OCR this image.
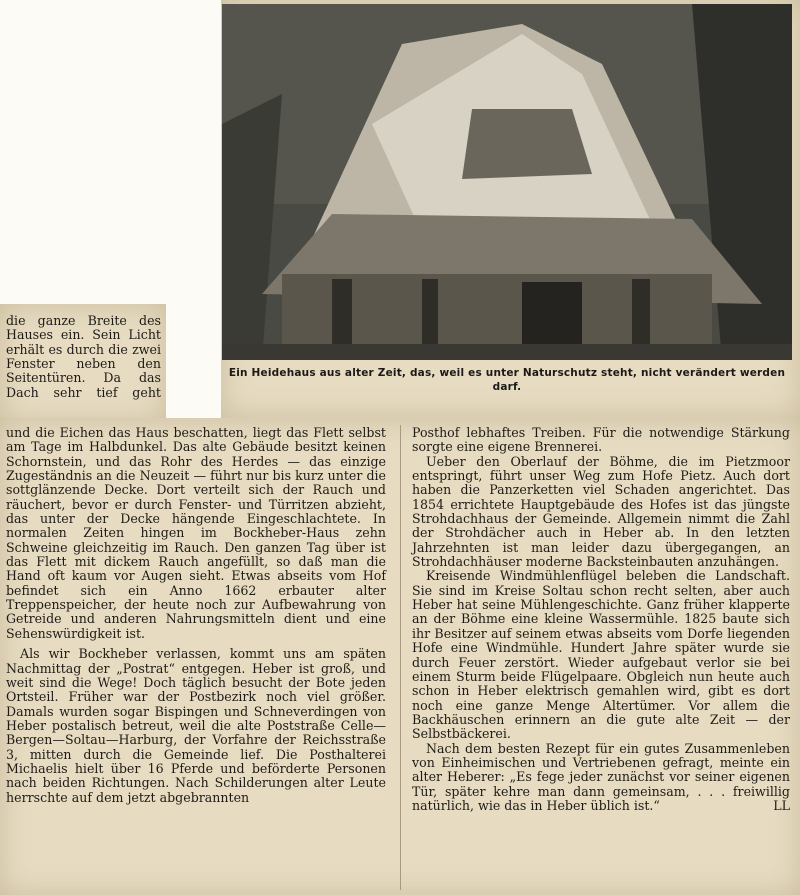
Ein Heidehaus aus alter Zeit, das, weil es unter Naturschutz steht, nicht verändert werden darf.

die ganze Breite des Hauses ein. Sein Licht erhält es durch die zwei Fenster neben den Seitentüren. Da das Dach sehr tief geht

und die Eichen das Haus beschatten, liegt das Flett selbst am Tage im Halbdunkel. Das alte Gebäude besitzt keinen Schornstein, und das Rohr des Herdes — das einzige Zugeständnis an die Neuzeit — führt nur bis kurz unter die sottglänzende Decke. Dort verteilt sich der Rauch und räuchert, bevor er durch Fenster- und Türritzen abzieht, das unter der Decke hängende Eingeschlachtete. In normalen Zeiten hingen im Bockheber-Haus zehn Schweine gleichzeitig im Rauch. Den ganzen Tag über ist das Flett mit dickem Rauch angefüllt, so daß man die Hand oft kaum vor Augen sieht. Etwas abseits vom Hof befindet sich ein Anno 1662 erbauter alter Treppenspeicher, der heute noch zur Aufbewahrung von Getreide und anderen Nahrungsmitteln dient und eine Sehenswürdigkeit ist.

Als wir Bockheber verlassen, kommt uns am späten Nachmittag der „Postrat“ entgegen. Heber ist groß, und weit sind die Wege! Doch täglich besucht der Bote jeden Ortsteil. Früher war der Postbezirk noch viel größer. Damals wurden sogar Bispingen und Schneverdingen von Heber postalisch betreut, weil die alte Poststraße Celle—Bergen—Soltau—Harburg, der Vorfahre der Reichsstraße 3, mitten durch die Gemeinde lief. Die Posthalterei Michaelis hielt über 16 Pferde und beförderte Personen nach beiden Richtungen. Nach Schilderungen alter Leute herrschte auf dem jetzt abgebrannten

Posthof lebhaftes Treiben. Für die notwendige Stärkung sorgte eine eigene Brennerei.

Ueber den Oberlauf der Böhme, die im Pietzmoor entspringt, führt unser Weg zum Hofe Pietz. Auch dort haben die Panzerketten viel Schaden angerichtet. Das 1854 errichtete Hauptgebäude des Hofes ist das jüngste Strohdachhaus der Gemeinde. Allgemein nimmt die Zahl der Strohdächer auch in Heber ab. In den letzten Jahrzehnten ist man leider dazu übergegangen, an Strohdachhäuser moderne Backsteinbauten anzuhängen.

Kreisende Windmühlenflügel beleben die Landschaft. Sie sind im Kreise Soltau schon recht selten, aber auch Heber hat seine Mühlengeschichte. Ganz früher klapperte an der Böhme eine kleine Wassermühle. 1825 baute sich ihr Besitzer auf seinem etwas abseits vom Dorfe liegenden Hofe eine Windmühle. Hundert Jahre später wurde sie durch Feuer zerstört. Wieder aufgebaut verlor sie bei einem Sturm beide Flügelpaare. Obgleich nun heute auch schon in Heber elektrisch gemahlen wird, gibt es dort noch eine ganze Menge Altertümer. Vor allem die Backhäuschen erinnern an die gute alte Zeit — der Selbstbäckerei.

Nach dem besten Rezept für ein gutes Zusammenleben von Einheimischen und Vertriebenen gefragt, meinte ein alter Heberer: „Es fege jeder zunächst vor seiner eigenen Tür, später kehre man dann gemeinsam, . . . freiwillig natürlich, wie das in Heber üblich ist.“	LL
